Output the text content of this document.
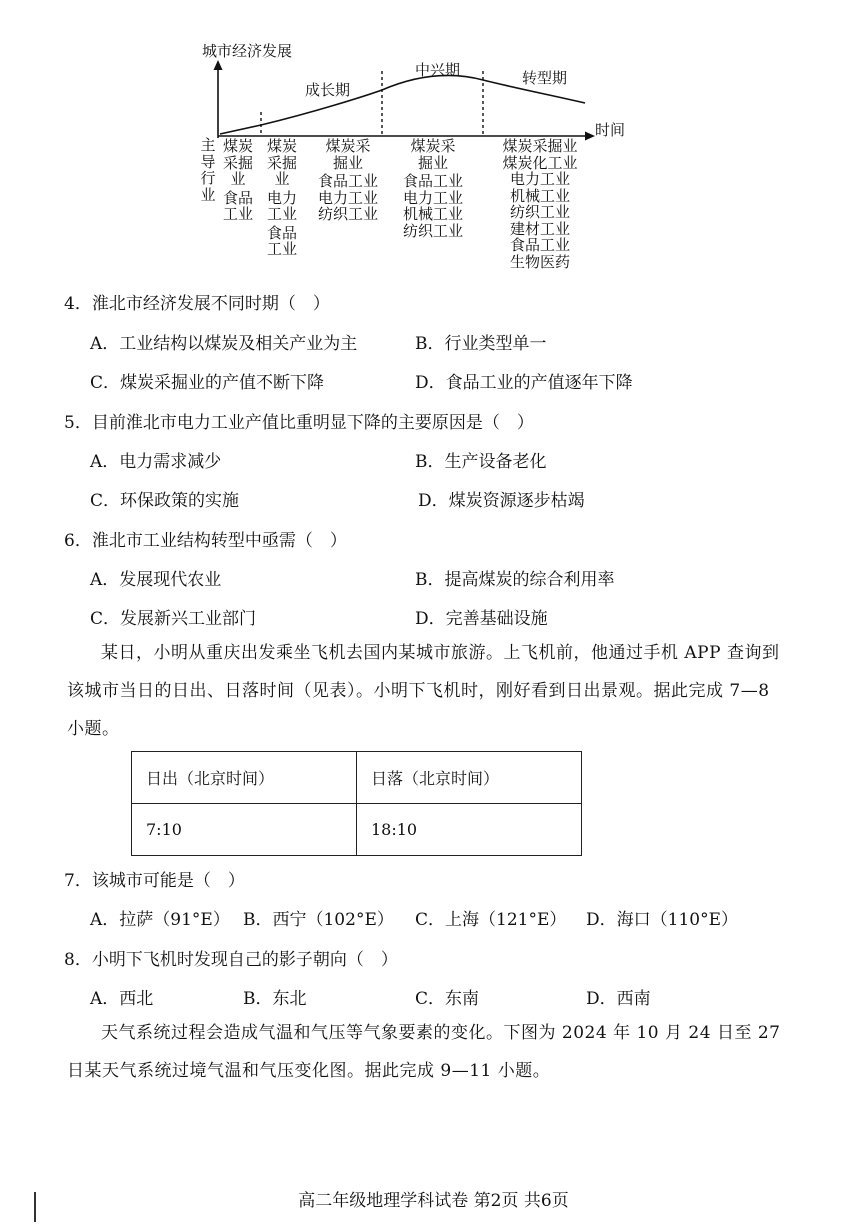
城市经济发展
时间
成长期
中兴期	转型期
主导行业
煤炭采掘业
食品工业
煤炭采掘业
电力工业
食品工业
煤炭采掘业
食品工业
电力工业
纺织工业
煤炭采掘业
食品工业
电力工业
机械工业
纺织工业
煤炭采掘业
煤炭化工业
电力工业
机械工业
纺织工业
建材工业
食品工业
生物医药
4．淮北市经济发展不同时期（　）
A．工业结构以煤炭及相关产业为主	B．行业类型单一
C．煤炭采掘业的产值不断下降	D．食品工业的产值逐年下降
5．目前淮北市电力工业产值比重明显下降的主要原因是（　）
A．电力需求减少	B．生产设备老化
C．环保政策的实施	D．煤炭资源逐步枯竭
6．淮北市工业结构转型中亟需（　）
A．发展现代农业	B．提高煤炭的综合利用率
C．发展新兴工业部门	D．完善基础设施

某日，小明从重庆出发乘坐飞机去国内某城市旅游。上飞机前，他通过手机 APP 查询到该城市当日的日出、日落时间（见表）。小明下飞机时，刚好看到日出景观。据此完成 7—8 小题。

日出（北京时间）	日落（北京时间）
7:10	18:10
7．该城市可能是（　）
A．拉萨（91°E） B．西宁（102°E） C．上海（121°E） D．海口（110°E）
8．小明下飞机时发现自己的影子朝向（　）
A．西北	B．东北	C．东南	D．西南

天气系统过程会造成气温和气压等气象要素的变化。下图为 2024 年 10 月 24 日至 27 日某天气系统过境气温和气压变化图。据此完成 9—11 小题。

高二年级地理学科试卷 第2页 共6页
